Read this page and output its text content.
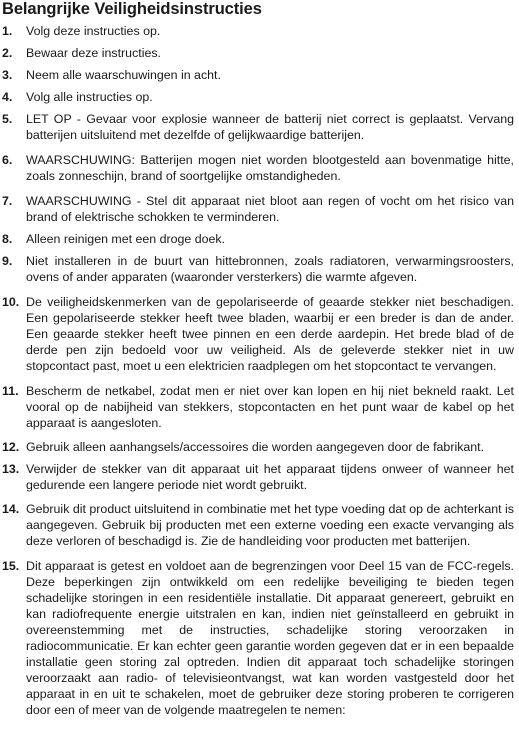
Belangrijke Veiligheidsinstructies
1. Volg deze instructies op.
2. Bewaar deze instructies.
3. Neem alle waarschuwingen in acht.
4. Volg alle instructies op.
5. LET OP - Gevaar voor explosie wanneer de batterij niet correct is geplaatst. Vervang batterijen uitsluitend met dezelfde of gelijkwaardige batterijen.
6. WAARSCHUWING: Batterijen mogen niet worden blootgesteld aan bovenmatige hitte, zoals zonneschijn, brand of soortgelijke omstandigheden.
7. WAARSCHUWING - Stel dit apparaat niet bloot aan regen of vocht om het risico van brand of elektrische schokken te verminderen.
8. Alleen reinigen met een droge doek.
9. Niet installeren in de buurt van hittebronnen, zoals radiatoren, verwarmingsroosters, ovens of ander apparaten (waaronder versterkers) die warmte afgeven.
10. De veiligheidskenmerken van de gepolariseerde of geaarde stekker niet beschadigen. Een gepolariseerde stekker heeft twee bladen, waarbij er een breder is dan de ander. Een geaarde stekker heeft twee pinnen en een derde aardepin. Het brede blad of de derde pen zijn bedoeld voor uw veiligheid. Als de geleverde stekker niet in uw stopcontact past, moet u een elektricien raadplegen om het stopcontact te vervangen.
11. Bescherm de netkabel, zodat men er niet over kan lopen en hij niet bekneld raakt. Let vooral op de nabijheid van stekkers, stopcontacten en het punt waar de kabel op het apparaat is aangesloten.
12. Gebruik alleen aanhangsels/accessoires die worden aangegeven door de fabrikant.
13. Verwijder de stekker van dit apparaat uit het apparaat tijdens onweer of wanneer het gedurende een langere periode niet wordt gebruikt.
14. Gebruik dit product uitsluitend in combinatie met het type voeding dat op de achterkant is aangegeven. Gebruik bij producten met een externe voeding een exacte vervanging als deze verloren of beschadigd is. Zie de handleiding voor producten met batterijen.
15. Dit apparaat is getest en voldoet aan de begrenzingen voor Deel 15 van de FCC-regels. Deze beperkingen zijn ontwikkeld om een redelijke beveiliging te bieden tegen schadelijke storingen in een residentiële installatie. Dit apparaat genereert, gebruikt en kan radiofrequente energie uitstralen en kan, indien niet geïnstalleerd en gebruikt in overeenstemming met de instructies, schadelijke storing veroorzaken in radiocommunicatie. Er kan echter geen garantie worden gegeven dat er in een bepaalde installatie geen storing zal optreden. Indien dit apparaat toch schadelijke storingen veroorzaakt aan radio- of televisieontvangst, wat kan worden vastgesteld door het apparaat in en uit te schakelen, moet de gebruiker deze storing proberen te corrigeren door een of meer van de volgende maatregelen te nemen:
